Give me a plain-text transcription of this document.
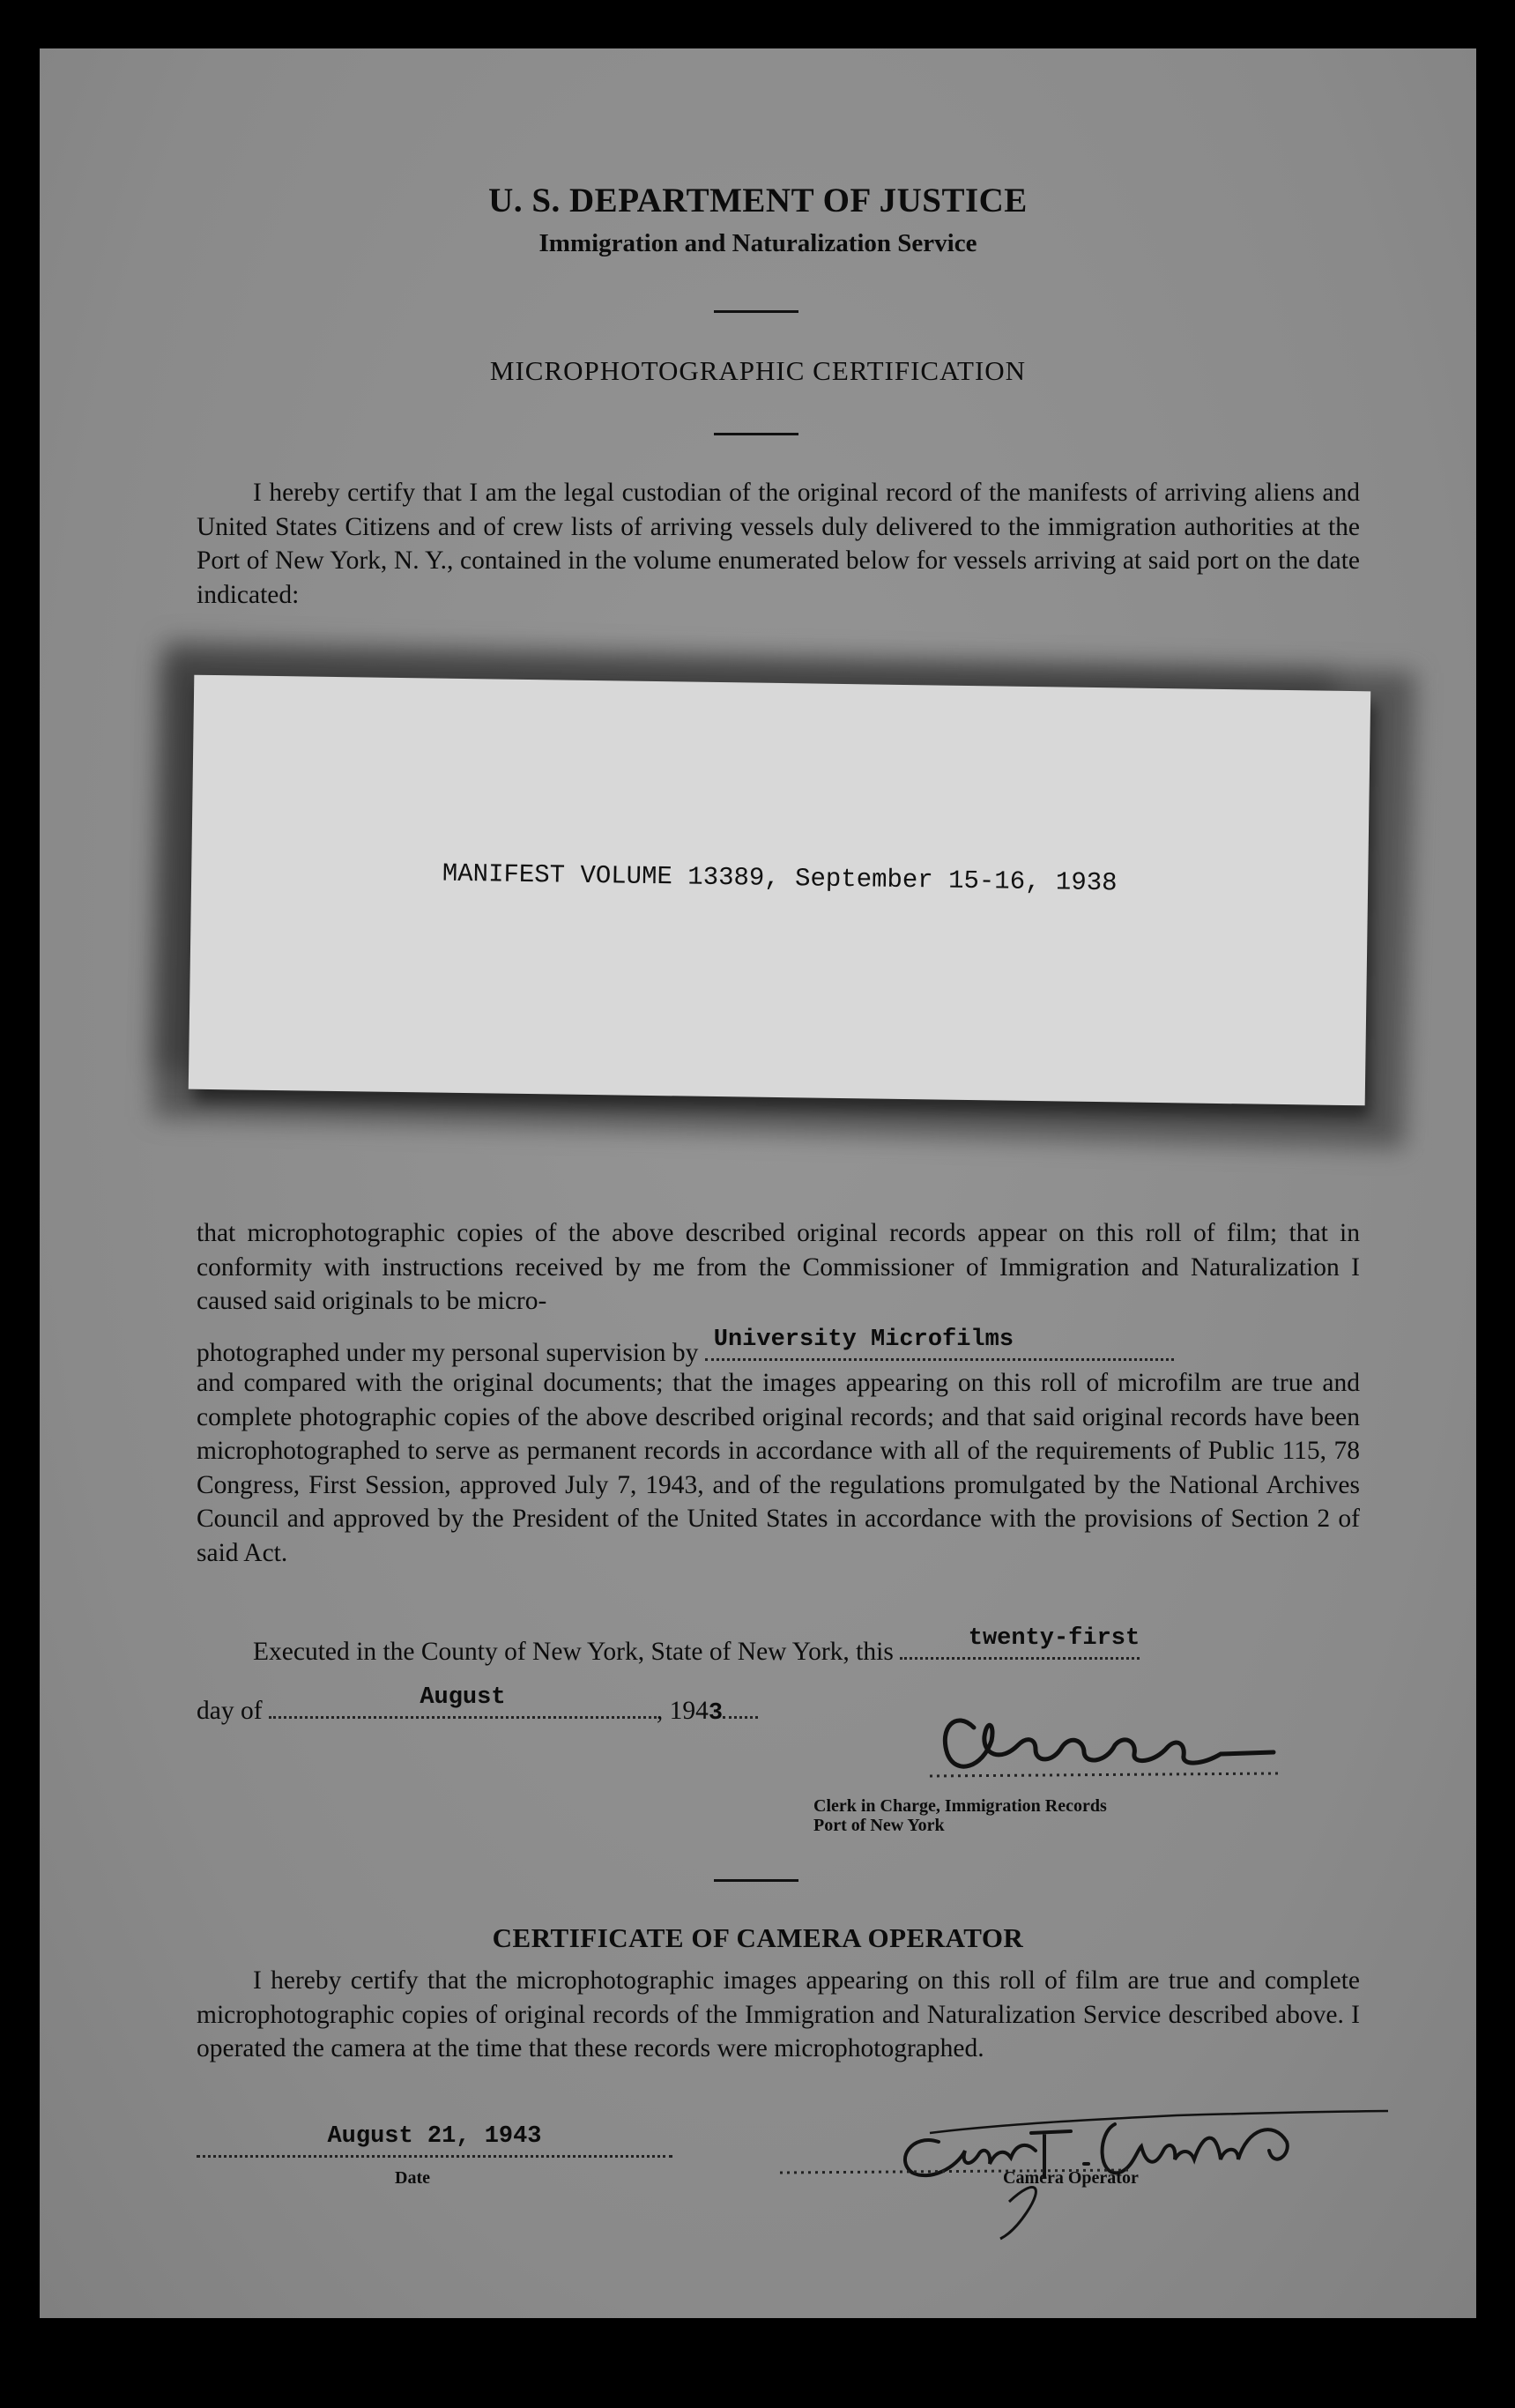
U. S. DEPARTMENT OF JUSTICE
Immigration and Naturalization Service
MICROPHOTOGRAPHIC CERTIFICATION

I hereby certify that I am the legal custodian of the original record of the manifests of arriving aliens and United States Citizens and of crew lists of arriving vessels duly delivered to the immigration authorities at the Port of New York, N. Y., contained in the volume enumerated below for vessels arriving at said port on the date indicated:

MANIFEST VOLUME 13389, September 15-16, 1938

that microphotographic copies of the above described original records appear on this roll of film; that in conformity with instructions received by me from the Commissioner of Immigration and Naturalization I caused said originals to be micro-

photographed under my personal supervision by University Microfilms

and compared with the original documents; that the images appearing on this roll of microfilm are true and complete photographic copies of the above described original records; and that said original records have been microphotographed to serve as permanent records in accordance with all of the requirements of Public 115, 78 Congress, First Session, approved July 7, 1943, and of the regulations promulgated by the National Archives Council and approved by the President of the United States in accordance with the provisions of Section 2 of said Act.

Executed in the County of New York, State of New York, this	twenty-first
day of	August	, 1943
Clerk in Charge, Immigration Records
Port of New York
CERTIFICATE OF CAMERA OPERATOR

I hereby certify that the microphotographic images appearing on this roll of film are true and complete microphotographic copies of original records of the Immigration and Naturalization Service described above. I operated the camera at the time that these records were microphotographed.

August 21, 1943
Date	Camera Operator
